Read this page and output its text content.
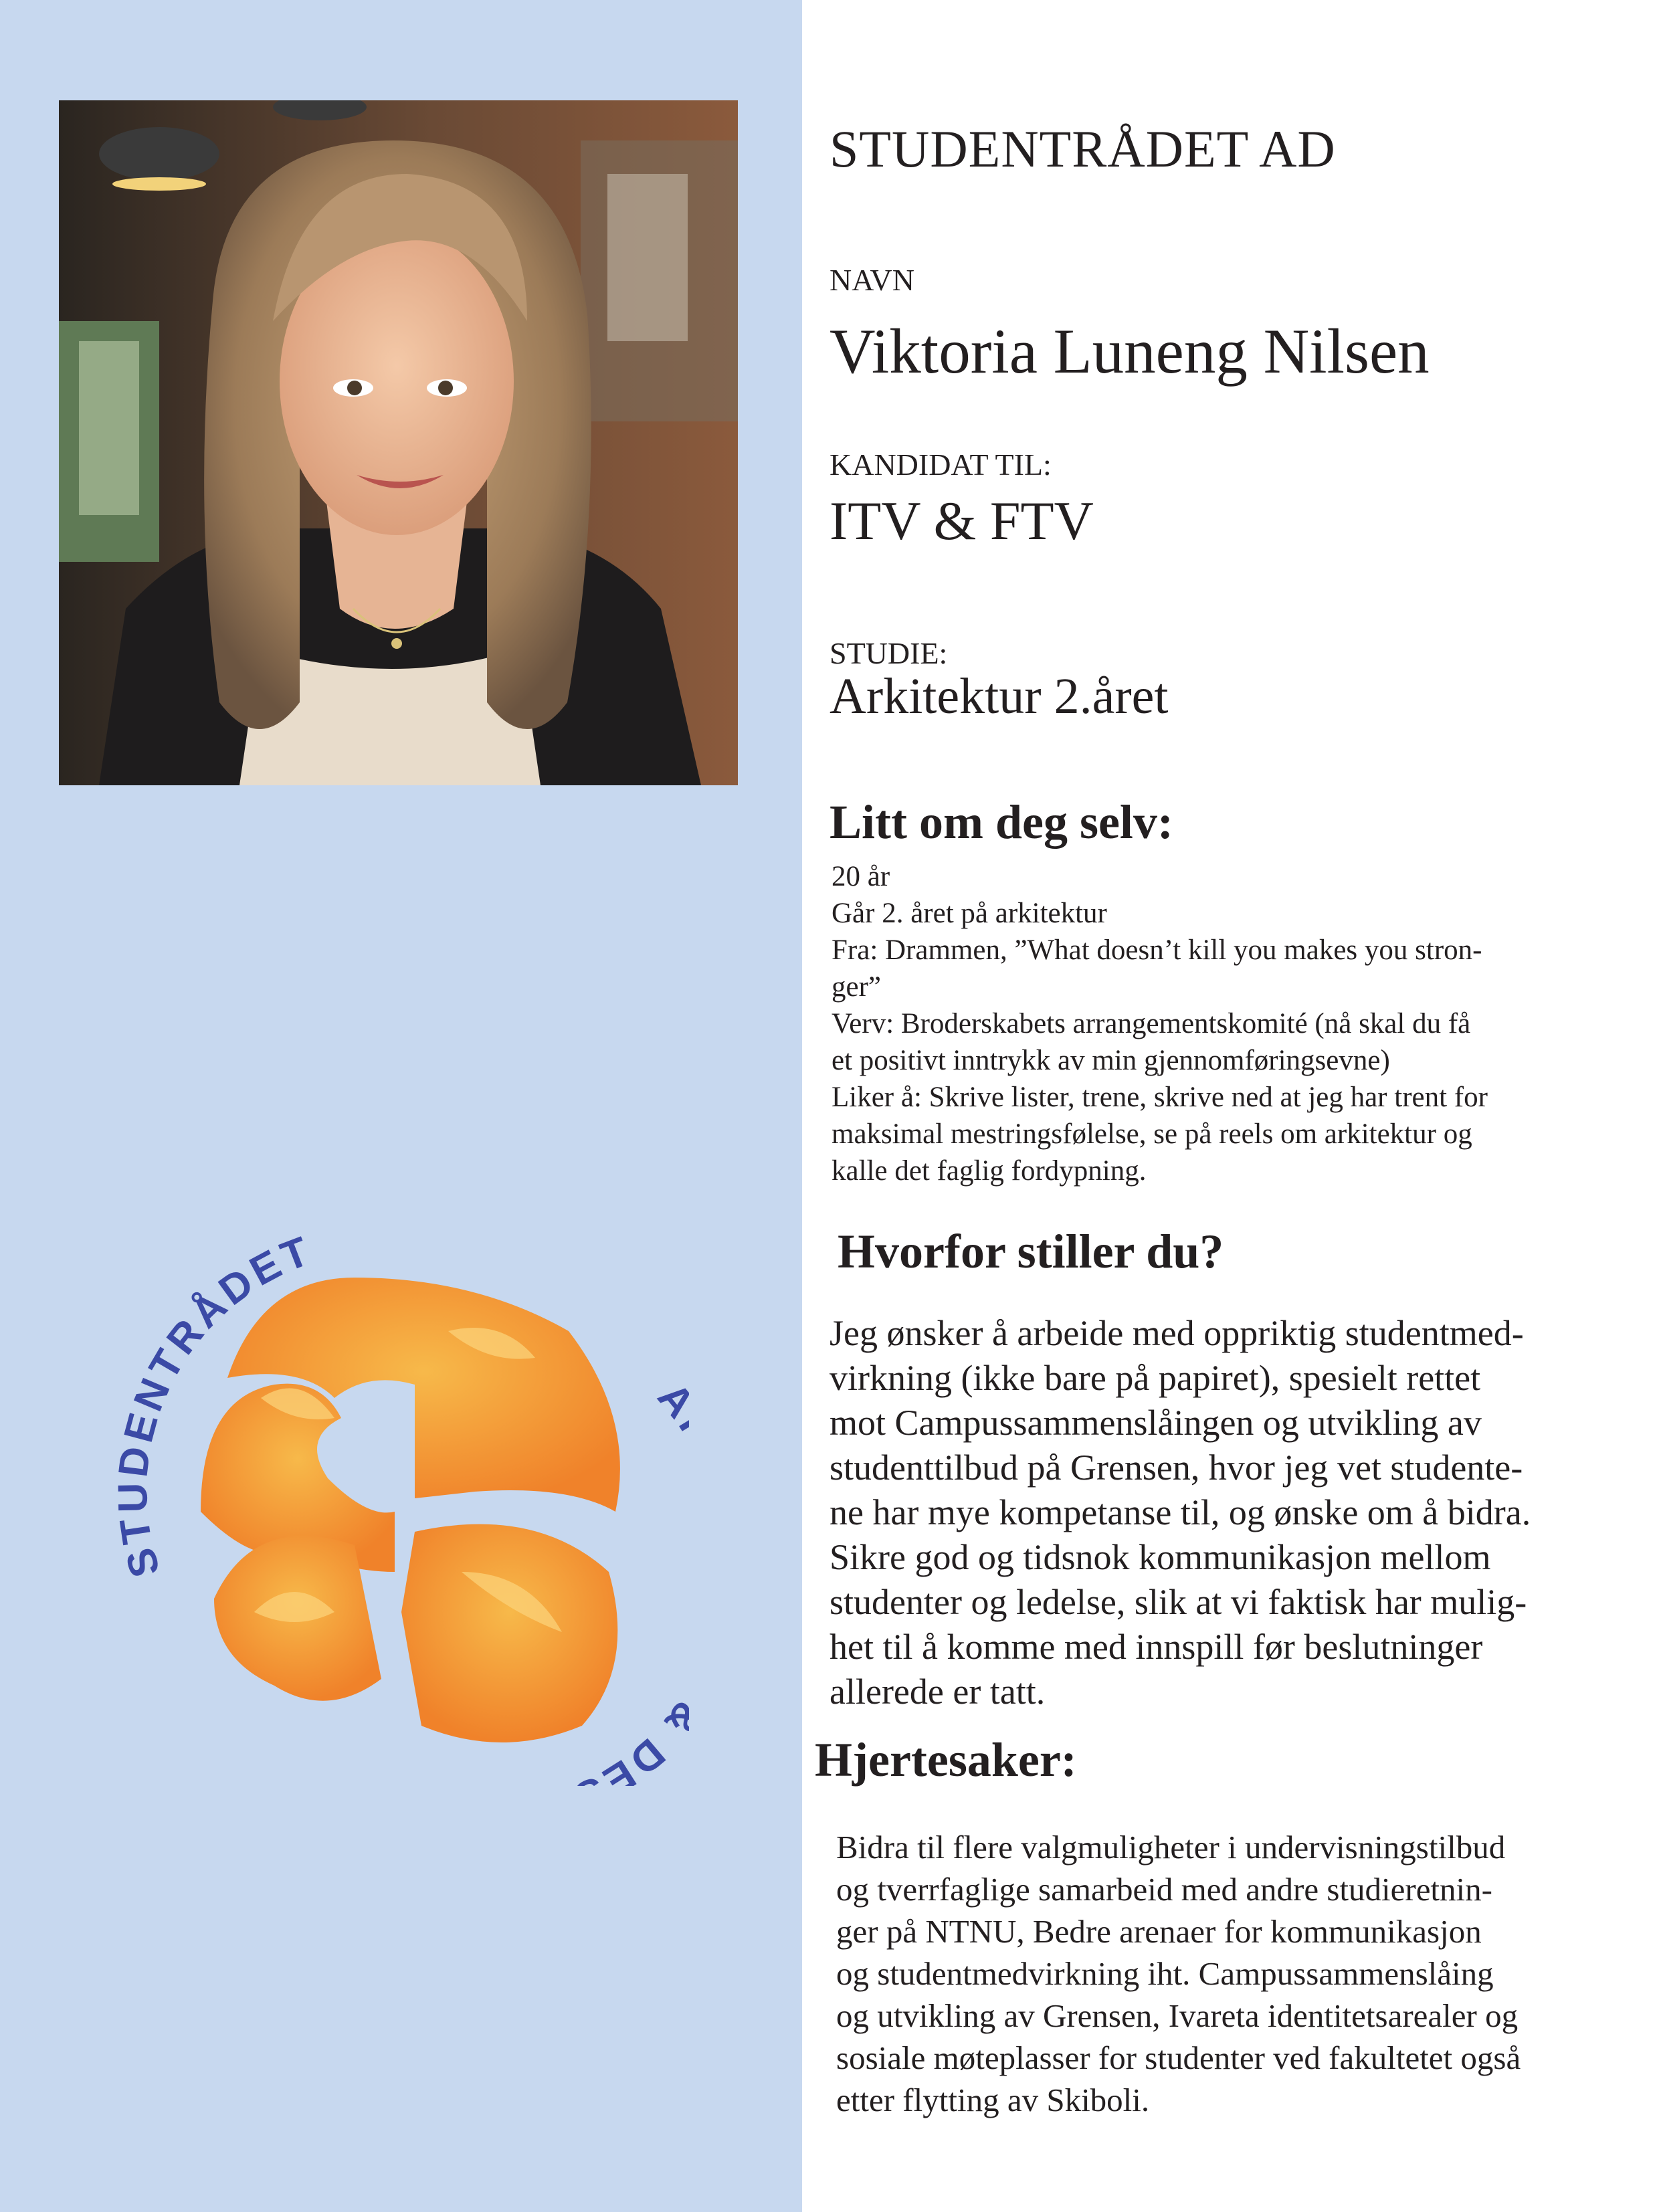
STUDENTRÅDET
DE
STUDENTRÅDET AD
NAVN
Viktoria Luneng Nilsen
KANDIDAT TIL:
ITV & FTV
STUDIE:
Arkitektur 2.året
Litt om deg selv:
20 år
Går 2. året på arkitektur
Fra: Drammen, ”What doesn’t kill you makes you stron-
ger”
Verv: Broderskabets arrangementskomité (nå skal du få
et positivt inntrykk av min gjennomføringsevne)
Liker å: Skrive lister, trene, skrive ned at jeg har trent for
maksimal mestringsfølelse, se på reels om arkitektur og
kalle det faglig fordypning.
Hvorfor stiller du?
Jeg ønsker å arbeide med oppriktig studentmed-
virkning (ikke bare på papiret), spesielt rettet
mot Campussammenslåingen og utvikling av
studenttilbud på Grensen, hvor jeg vet studente-
ne har mye kompetanse til, og ønske om å bidra.
Sikre god og tidsnok kommunikasjon mellom
studenter og ledelse, slik at vi faktisk har mulig-
het til å komme med innspill før beslutninger
allerede er tatt.
Hjertesaker:
Bidra til flere valgmuligheter i undervisningstilbud
og tverrfaglige samarbeid med andre studieretnin-
ger på NTNU, Bedre arenaer for kommunikasjon
og studentmedvirkning iht. Campussammenslåing
og utvikling av Grensen, Ivareta identitetsarealer og
sosiale møteplasser for studenter ved fakultetet også
etter flytting av Skiboli.
